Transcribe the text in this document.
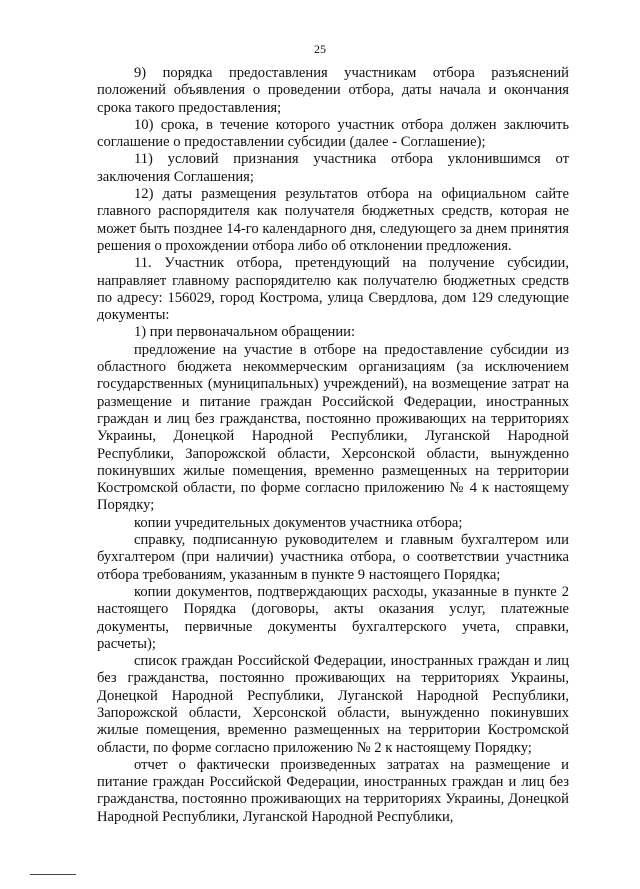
25

9) порядка предоставления участникам отбора разъяснений положений объявления о проведении отбора, даты начала и окончания срока такого предоставления;

10) срока, в течение которого участник отбора должен заключить соглашение о предоставлении субсидии (далее - Соглашение);

11) условий признания участника отбора уклонившимся от заключения Соглашения;

12) даты размещения результатов отбора на официальном сайте главного распорядителя как получателя бюджетных средств, которая не может быть позднее 14-го календарного дня, следующего за днем принятия решения о прохождении отбора либо об отклонении предложения.

11. Участник отбора, претендующий на получение субсидии, направляет главному распорядителю как получателю бюджетных средств по адресу: 156029, город Кострома, улица Свердлова, дом 129 следующие документы:

1) при первоначальном обращении:

предложение на участие в отборе на предоставление субсидии из областного бюджета некоммерческим организациям (за исключением государственных (муниципальных) учреждений), на возмещение затрат на размещение и питание граждан Российской Федерации, иностранных граждан и лиц без гражданства, постоянно проживающих на территориях Украины, Донецкой Народной Республики, Луганской Народной Республики, Запорожской области, Херсонской области, вынужденно покинувших жилые помещения, временно размещенных на территории Костромской области, по форме согласно приложению № 4 к настоящему Порядку;

копии учредительных документов участника отбора;

справку, подписанную руководителем и главным бухгалтером или бухгалтером (при наличии) участника отбора, о соответствии участника отбора требованиям, указанным в пункте 9 настоящего Порядка;

копии документов, подтверждающих расходы, указанные в пункте 2 настоящего Порядка (договоры, акты оказания услуг, платежные документы, первичные документы бухгалтерского учета, справки, расчеты);

список граждан Российской Федерации, иностранных граждан и лиц без гражданства, постоянно проживающих на территориях Украины, Донецкой Народной Республики, Луганской Народной Республики, Запорожской области, Херсонской области, вынужденно покинувших жилые помещения, временно размещенных на территории Костромской области, по форме согласно приложению № 2 к настоящему Порядку;

отчет о фактически произведенных затратах на размещение и питание граждан Российской Федерации, иностранных граждан и лиц без гражданства, постоянно проживающих на территориях Украины, Донецкой Народной Республики, Луганской Народной Республики,
